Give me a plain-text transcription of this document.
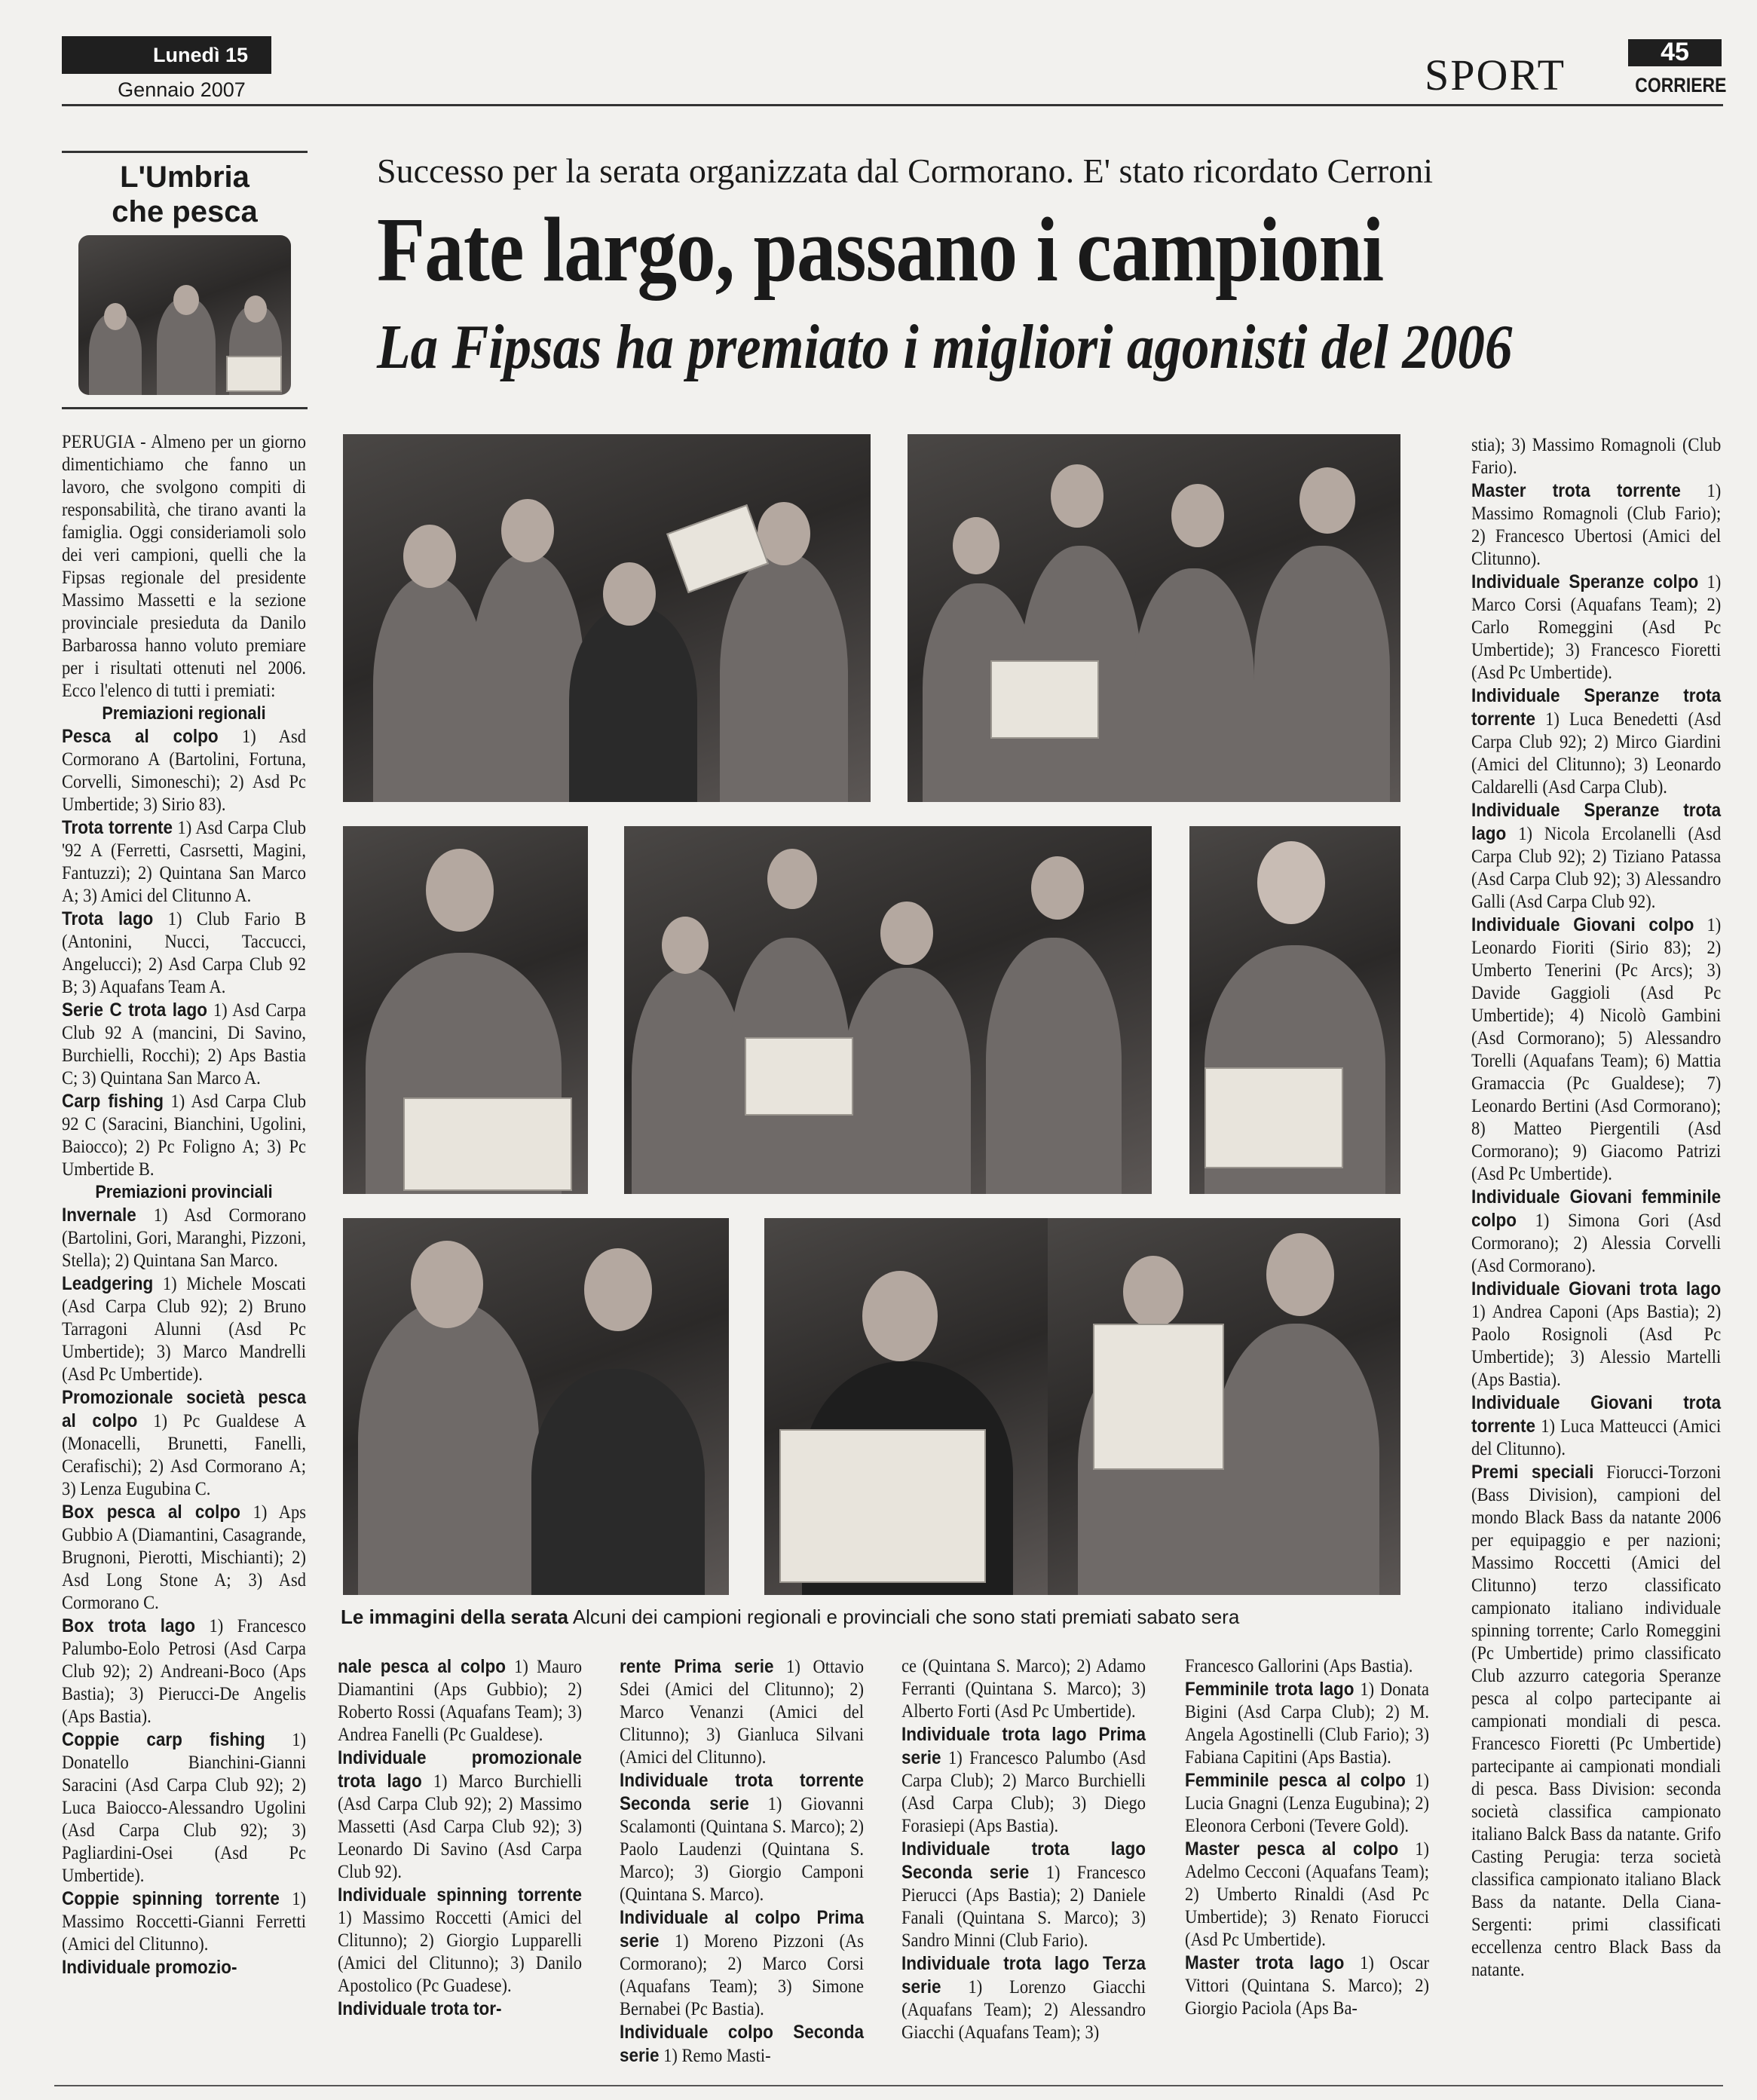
Lunedì 15
Gennaio 2007	SPORT	45
CORRIERE
L'Umbria
che pesca
Successo per la serata organizzata dal Cormorano. E' stato ricordato Cerroni
Fate largo, passano i campioni
La Fipsas ha premiato i migliori agonisti del 2006
Le immagini della serata Alcuni dei campioni regionali e provinciali che sono stati premiati sabato sera

PERUGIA - Almeno per un giorno dimentichiamo che fanno un lavoro, che svolgono compiti di responsabilità, che tirano avanti la famiglia. Oggi consideriamoli solo dei veri campioni, quelli che la Fipsas regionale del presidente Massimo Massetti e la sezione provinciale presieduta da Danilo Barbarossa hanno voluto premiare per i risultati ottenuti nel 2006. Ecco l'elenco di tutti i premiati:

Premiazioni regionali

Pesca al colpo 1) Asd Cormorano A (Bartolini, Fortuna, Corvelli, Simoneschi); 2) Asd Pc Umbertide; 3) Sirio 83).

Trota torrente 1) Asd Carpa Club '92 A (Ferretti, Casrsetti, Magini, Fantuzzi); 2) Quintana San Marco A; 3) Amici del Clitunno A.

Trota lago 1) Club Fario B (Antonini, Nucci, Taccucci, Angelucci); 2) Asd Carpa Club 92 B; 3) Aquafans Team A.

Serie C trota lago 1) Asd Carpa Club 92 A (mancini, Di Savino, Burchielli, Rocchi); 2) Aps Bastia C; 3) Quintana San Marco A.

Carp fishing 1) Asd Carpa Club 92 C (Saracini, Bianchini, Ugolini, Baiocco); 2) Pc Foligno A; 3) Pc Umbertide B.

Premiazioni provinciali

Invernale 1) Asd Cormorano (Bartolini, Gori, Maranghi, Pizzoni, Stella); 2) Quintana San Marco.

Leadgering 1) Michele Moscati (Asd Carpa Club 92); 2) Bruno Tarragoni Alunni (Asd Pc Umbertide); 3) Marco Mandrelli (Asd Pc Umbertide).

Promozionale società pesca al colpo 1) Pc Gualdese A (Monacelli, Brunetti, Fanelli, Cerafischi); 2) Asd Cormorano A; 3) Lenza Eugubina C.

Box pesca al colpo 1) Aps Gubbio A (Diamantini, Casagrande, Brugnoni, Pierotti, Mischianti); 2) Asd Long Stone A; 3) Asd Cormorano C.

Box trota lago 1) Francesco Palumbo-Eolo Petrosi (Asd Carpa Club 92); 2) Andreani-Boco (Aps Bastia); 3) Pierucci-De Angelis (Aps Bastia).

Coppie carp fishing 1) Donatello Bianchini-Gianni Saracini (Asd Carpa Club 92); 2) Luca Baiocco-Alessandro Ugolini (Asd Carpa Club 92); 3) Pagliardini-Osei (Asd Pc Umbertide).

Coppie spinning torrente 1) Massimo Roccetti-Gianni Ferretti (Amici del Clitunno).

Individuale promozio-

nale pesca al colpo 1) Mauro Diamantini (Aps Gubbio); 2) Roberto Rossi (Aquafans Team); 3) Andrea Fanelli (Pc Gualdese).

Individuale promozionale trota lago 1) Marco Burchielli (Asd Carpa Club 92); 2) Massimo Massetti (Asd Carpa Club 92); 3) Leonardo Di Savino (Asd Carpa Club 92).

Individuale spinning torrente 1) Massimo Roccetti (Amici del Clitunno); 2) Giorgio Lupparelli (Amici del Clitunno); 3) Danilo Apostolico (Pc Guadese).

Individuale trota tor-

rente Prima serie 1) Ottavio Sdei (Amici del Clitunno); 2) Marco Venanzi (Amici del Clitunno); 3) Gianluca Silvani (Amici del Clitunno).

Individuale trota torrente Seconda serie 1) Giovanni Scalamonti (Quintana S. Marco); 2) Paolo Laudenzi (Quintana S. Marco); 3) Giorgio Camponi (Quintana S. Marco).

Individuale al colpo Prima serie 1) Moreno Pizzoni (As Cormorano); 2) Marco Corsi (Aquafans Team); 3) Simone Bernabei (Pc Bastia).

Individuale colpo Seconda serie 1) Remo Masti-

ce (Quintana S. Marco); 2) Adamo Ferranti (Quintana S. Marco); 3) Alberto Forti (Asd Pc Umbertide).

Individuale trota lago Prima serie 1) Francesco Palumbo (Asd Carpa Club); 2) Marco Burchielli (Asd Carpa Club); 3) Diego Forasiepi (Aps Bastia).

Individuale trota lago Seconda serie 1) Francesco Pierucci (Aps Bastia); 2) Daniele Fanali (Quintana S. Marco); 3) Sandro Minni (Club Fario).

Individuale trota lago Terza serie 1) Lorenzo Giacchi (Aquafans Team); 2) Alessandro Giacchi (Aquafans Team); 3)

Francesco Gallorini (Aps Bastia).

Femminile trota lago 1) Donata Bigini (Asd Carpa Club); 2) M. Angela Agostinelli (Club Fario); 3) Fabiana Capitini (Aps Bastia).

Femminile pesca al colpo 1) Lucia Gnagni (Lenza Eugubina); 2) Eleonora Cerboni (Tevere Gold).

Master pesca al colpo 1) Adelmo Cecconi (Aquafans Team); 2) Umberto Rinaldi (Asd Pc Umbertide); 3) Renato Fiorucci (Asd Pc Umbertide).

Master trota lago 1) Oscar Vittori (Quintana S. Marco); 2) Giorgio Paciola (Aps Ba-

stia); 3) Massimo Romagnoli (Club Fario).

Master trota torrente 1) Massimo Romagnoli (Club Fario); 2) Francesco Ubertosi (Amici del Clitunno).

Individuale Speranze colpo 1) Marco Corsi (Aquafans Team); 2) Carlo Romeggini (Asd Pc Umbertide); 3) Francesco Fioretti (Asd Pc Umbertide).

Individuale Speranze trota torrente 1) Luca Benedetti (Asd Carpa Club 92); 2) Mirco Giardini (Amici del Clitunno); 3) Leonardo Caldarelli (Asd Carpa Club).

Individuale Speranze trota lago 1) Nicola Ercolanelli (Asd Carpa Club 92); 2) Tiziano Patassa (Asd Carpa Club 92); 3) Alessandro Galli (Asd Carpa Club 92).

Individuale Giovani colpo 1) Leonardo Fioriti (Sirio 83); 2) Umberto Tenerini (Pc Arcs); 3) Davide Gaggioli (Asd Pc Umbertide); 4) Nicolò Gambini (Asd Cormorano); 5) Alessandro Torelli (Aquafans Team); 6) Mattia Gramaccia (Pc Gualdese); 7) Leonardo Bertini (Asd Cormorano); 8) Matteo Piergentili (Asd Cormorano); 9) Giacomo Patrizi (Asd Pc Umbertide).

Individuale Giovani femminile colpo 1) Simona Gori (Asd Cormorano); 2) Alessia Corvelli (Asd Cormorano).

Individuale Giovani trota lago 1) Andrea Caponi (Aps Bastia); 2) Paolo Rosignoli (Asd Pc Umbertide); 3) Alessio Martelli (Aps Bastia).

Individuale Giovani trota torrente 1) Luca Matteucci (Amici del Clitunno).

Premi speciali Fiorucci-Torzoni (Bass Division), campioni del mondo Black Bass da natante 2006 per equipaggio e per nazioni; Massimo Roccetti (Amici del Clitunno) terzo classificato campionato italiano individuale spinning torrente; Carlo Romeggini (Pc Umbertide) primo classificato Club azzurro categoria Speranze pesca al colpo partecipante ai campionati mondiali di pesca. Francesco Fioretti (Pc Umbertide) partecipante ai campionati mondiali di pesca. Bass Division: seconda società classifica campionato italiano Balck Bass da natante. Grifo Casting Perugia: terza società classifica campionato italiano Black Bass da natante. Della Ciana-Sergenti: primi classificati eccellenza centro Black Bass da natante.
